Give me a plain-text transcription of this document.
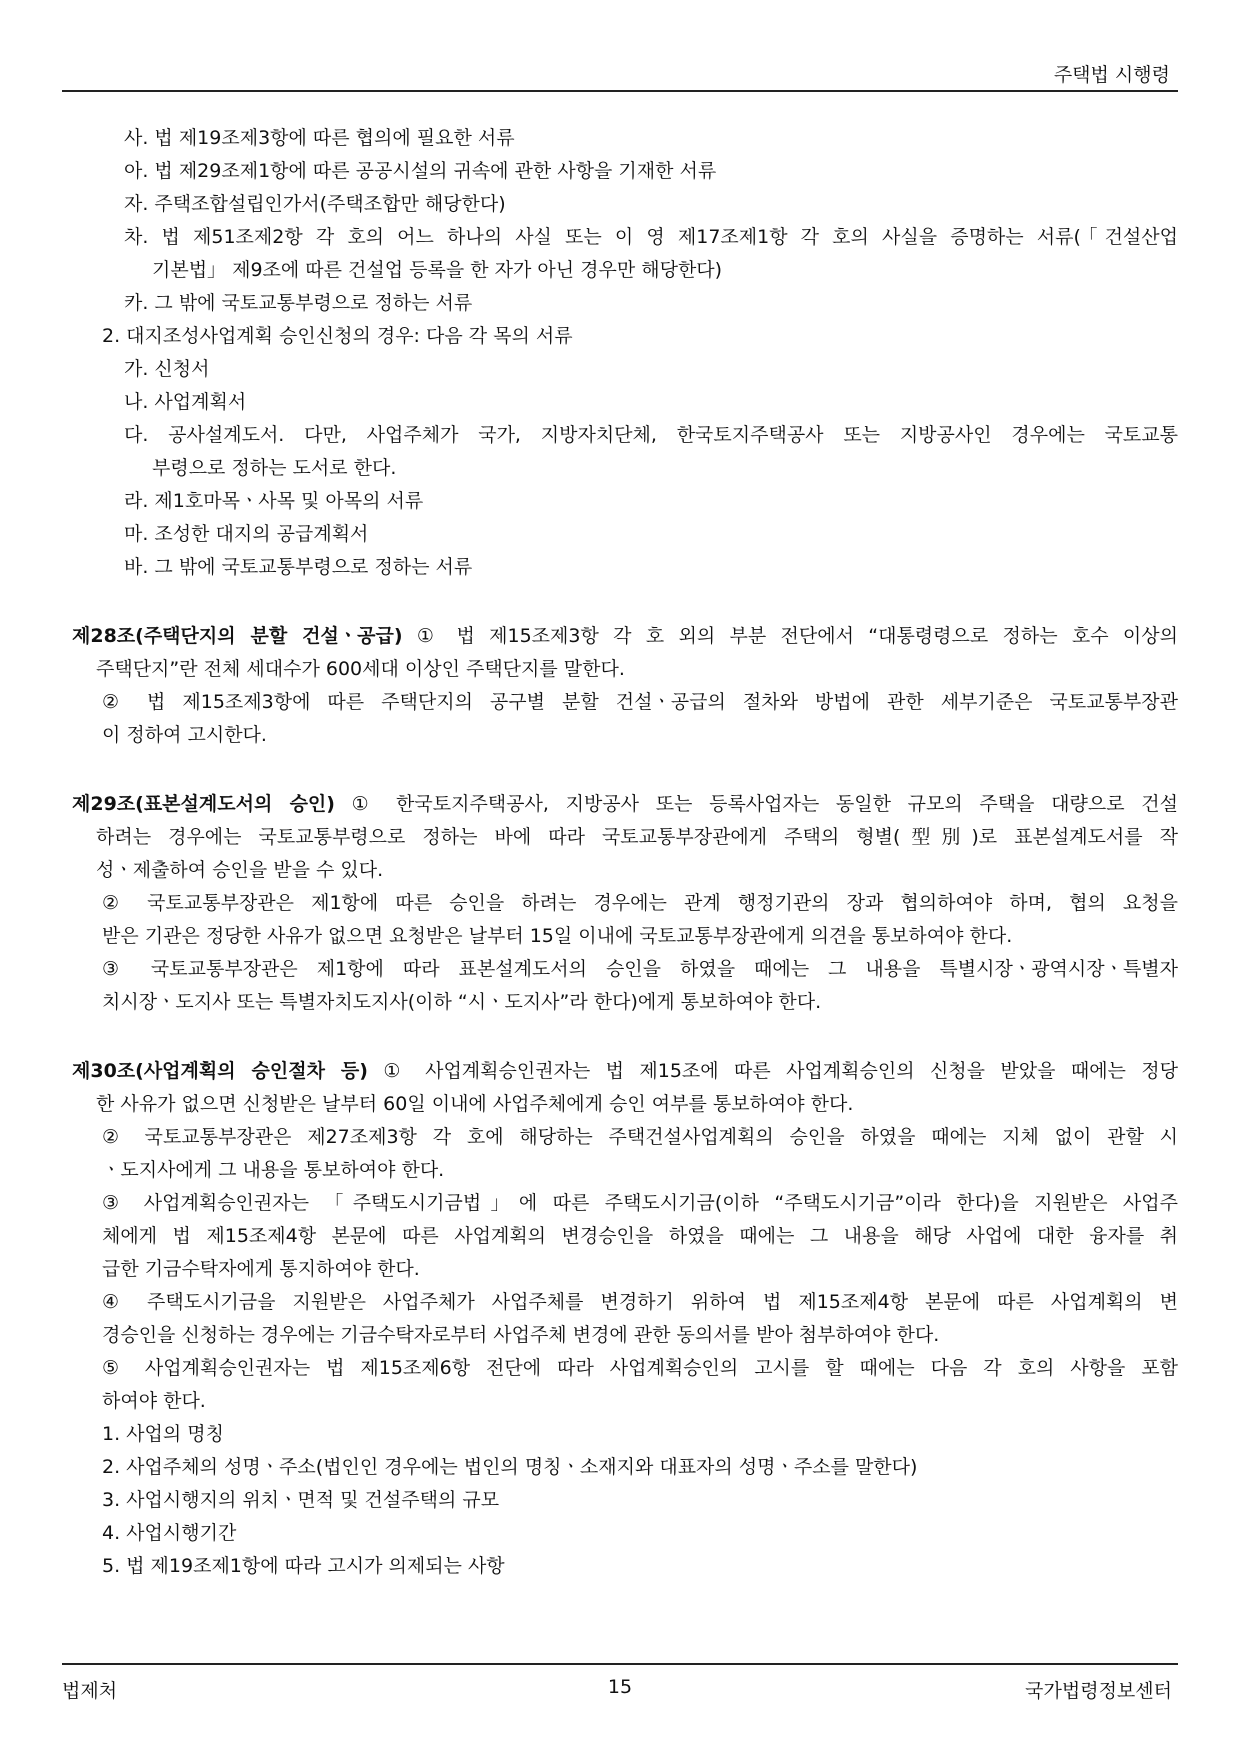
주택법 시행령
사. 법 제19조제3항에 따른 협의에 필요한 서류
아. 법 제29조제1항에 따른 공공시설의 귀속에 관한 사항을 기재한 서류
자. 주택조합설립인가서(주택조합만 해당한다)
차. 법 제51조제2항 각 호의 어느 하나의 사실 또는 이 영 제17조제1항 각 호의 사실을 증명하는 서류(「건설산업
기본법」 제9조에 따른 건설업 등록을 한 자가 아닌 경우만 해당한다)
카. 그 밖에 국토교통부령으로 정하는 서류
2. 대지조성사업계획 승인신청의 경우: 다음 각 목의 서류
가. 신청서
나. 사업계획서
다. 공사설계도서. 다만, 사업주체가 국가, 지방자치단체, 한국토지주택공사 또는 지방공사인 경우에는 국토교통
부령으로 정하는 도서로 한다.
라. 제1호마목ㆍ사목 및 아목의 서류
마. 조성한 대지의 공급계획서
바. 그 밖에 국토교통부령으로 정하는 서류
제28조(주택단지의 분할 건설ㆍ공급) ① 법 제15조제3항 각 호 외의 부분 전단에서 “대통령령으로 정하는 호수 이상의
주택단지”란 전체 세대수가 600세대 이상인 주택단지를 말한다.
② 법 제15조제3항에 따른 주택단지의 공구별 분할 건설ㆍ공급의 절차와 방법에 관한 세부기준은 국토교통부장관
이 정하여 고시한다.
제29조(표본설계도서의 승인) ① 한국토지주택공사, 지방공사 또는 등록사업자는 동일한 규모의 주택을 대량으로 건설
하려는 경우에는 국토교통부령으로 정하는 바에 따라 국토교통부장관에게 주택의 형별(型別)로 표본설계도서를 작
성ㆍ제출하여 승인을 받을 수 있다.
② 국토교통부장관은 제1항에 따른 승인을 하려는 경우에는 관계 행정기관의 장과 협의하여야 하며, 협의 요청을
받은 기관은 정당한 사유가 없으면 요청받은 날부터 15일 이내에 국토교통부장관에게 의견을 통보하여야 한다.
③ 국토교통부장관은 제1항에 따라 표본설계도서의 승인을 하였을 때에는 그 내용을 특별시장ㆍ광역시장ㆍ특별자
치시장ㆍ도지사 또는 특별자치도지사(이하 “시ㆍ도지사”라 한다)에게 통보하여야 한다.
제30조(사업계획의 승인절차 등) ① 사업계획승인권자는 법 제15조에 따른 사업계획승인의 신청을 받았을 때에는 정당
한 사유가 없으면 신청받은 날부터 60일 이내에 사업주체에게 승인 여부를 통보하여야 한다.
② 국토교통부장관은 제27조제3항 각 호에 해당하는 주택건설사업계획의 승인을 하였을 때에는 지체 없이 관할 시
ㆍ도지사에게 그 내용을 통보하여야 한다.
③ 사업계획승인권자는 「주택도시기금법」에 따른 주택도시기금(이하 “주택도시기금”이라 한다)을 지원받은 사업주
체에게 법 제15조제4항 본문에 따른 사업계획의 변경승인을 하였을 때에는 그 내용을 해당 사업에 대한 융자를 취
급한 기금수탁자에게 통지하여야 한다.
④ 주택도시기금을 지원받은 사업주체가 사업주체를 변경하기 위하여 법 제15조제4항 본문에 따른 사업계획의 변
경승인을 신청하는 경우에는 기금수탁자로부터 사업주체 변경에 관한 동의서를 받아 첨부하여야 한다.
⑤ 사업계획승인권자는 법 제15조제6항 전단에 따라 사업계획승인의 고시를 할 때에는 다음 각 호의 사항을 포함
하여야 한다.
1. 사업의 명칭
2. 사업주체의 성명ㆍ주소(법인인 경우에는 법인의 명칭ㆍ소재지와 대표자의 성명ㆍ주소를 말한다)
3. 사업시행지의 위치ㆍ면적 및 건설주택의 규모
4. 사업시행기간
5. 법 제19조제1항에 따라 고시가 의제되는 사항
법제처	15	국가법령정보센터
